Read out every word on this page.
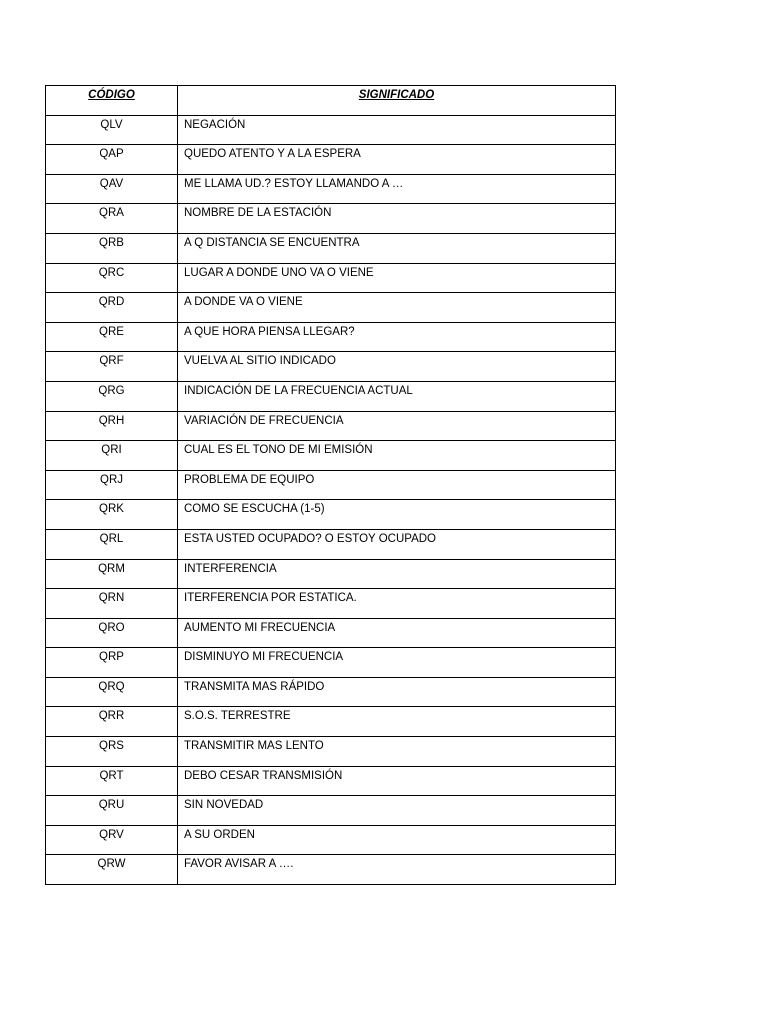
CÓDIGO	SIGNIFICADO
QLV	NEGACIÓN
QAP	QUEDO ATENTO Y A LA ESPERA
QAV	ME LLAMA UD.? ESTOY LLAMANDO A …
QRA	NOMBRE DE LA ESTACIÓN
QRB	A Q DISTANCIA SE ENCUENTRA
QRC	LUGAR A DONDE UNO VA O VIENE
QRD	A DONDE VA O VIENE
QRE	A QUE HORA PIENSA LLEGAR?
QRF	VUELVA AL SITIO INDICADO
QRG	INDICACIÓN DE LA FRECUENCIA ACTUAL
QRH	VARIACIÓN DE FRECUENCIA
QRI	CUAL ES EL TONO DE MI EMISIÓN
QRJ	PROBLEMA DE EQUIPO
QRK	COMO SE ESCUCHA (1-5)
QRL	ESTA USTED OCUPADO? O ESTOY OCUPADO
QRM	INTERFERENCIA
QRN	ITERFERENCIA POR ESTATICA.
QRO	AUMENTO MI FRECUENCIA
QRP	DISMINUYO MI FRECUENCIA
QRQ	TRANSMITA MAS RÁPIDO
QRR	S.O.S. TERRESTRE
QRS	TRANSMITIR MAS LENTO
QRT	DEBO CESAR TRANSMISIÓN
QRU	SIN NOVEDAD
QRV	A SU ORDEN
QRW	FAVOR AVISAR A ….
